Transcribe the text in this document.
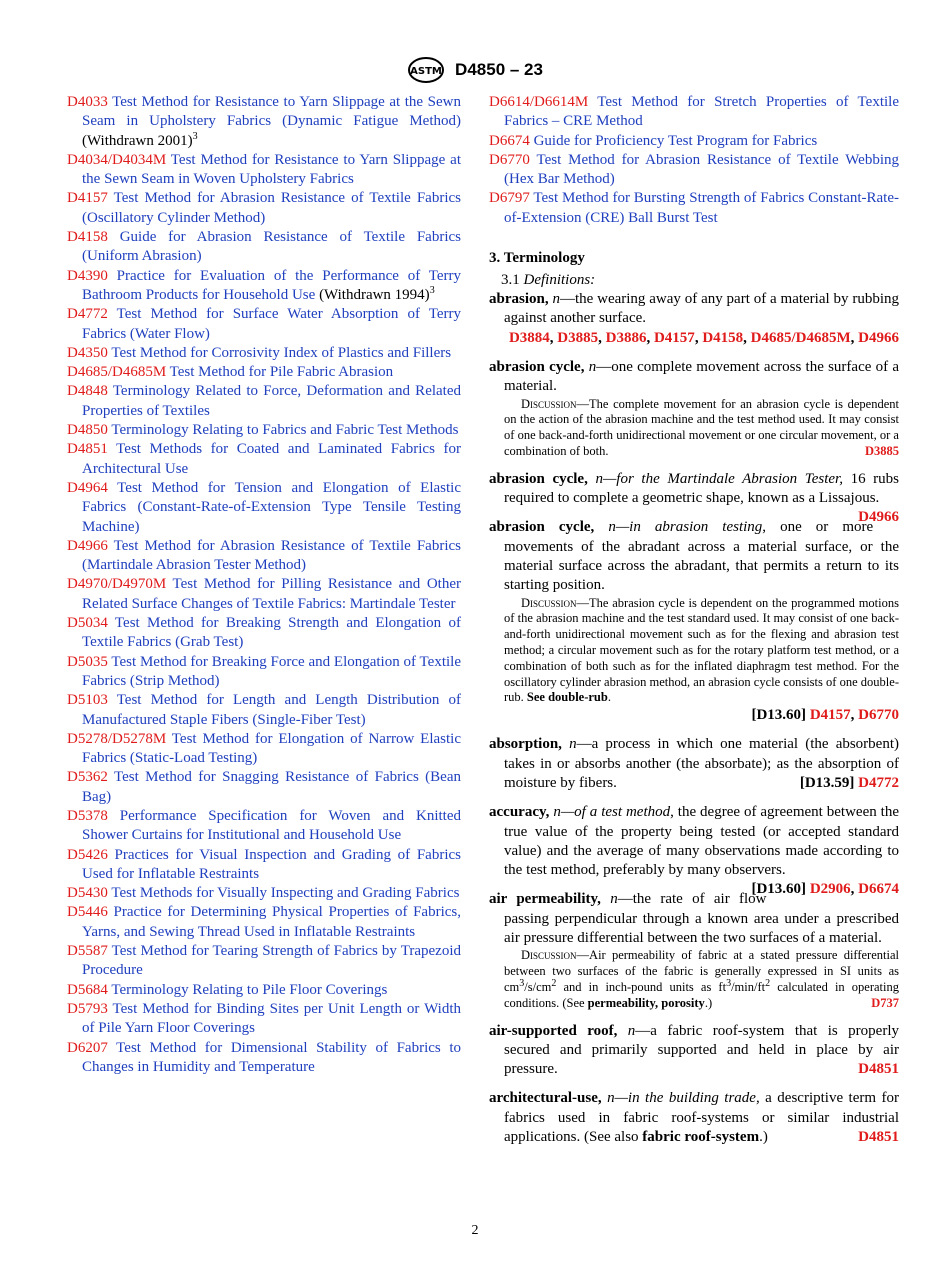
ASTM D4850 – 23

D4033 Test Method for Resistance to Yarn Slippage at the Sewn Seam in Upholstery Fabrics (Dynamic Fatigue Method) (Withdrawn 2001)$^3$

D4034/D4034M Test Method for Resistance to Yarn Slippage at the Sewn Seam in Woven Upholstery Fabrics

D4157 Test Method for Abrasion Resistance of Textile Fabrics (Oscillatory Cylinder Method)

D4158 Guide for Abrasion Resistance of Textile Fabrics (Uniform Abrasion)

D4390 Practice for Evaluation of the Performance of Terry Bathroom Products for Household Use (Withdrawn 1994)$^3$

D4772 Test Method for Surface Water Absorption of Terry Fabrics (Water Flow)

D4350 Test Method for Corrosivity Index of Plastics and Fillers

D4685/D4685M Test Method for Pile Fabric Abrasion

D4848 Terminology Related to Force, Deformation and Related Properties of Textiles

D4850 Terminology Relating to Fabrics and Fabric Test Methods

D4851 Test Methods for Coated and Laminated Fabrics for Architectural Use

D4964 Test Method for Tension and Elongation of Elastic Fabrics (Constant-Rate-of-Extension Type Tensile Testing Machine)

D4966 Test Method for Abrasion Resistance of Textile Fabrics (Martindale Abrasion Tester Method)

D4970/D4970M Test Method for Pilling Resistance and Other Related Surface Changes of Textile Fabrics: Martindale Tester

D5034 Test Method for Breaking Strength and Elongation of Textile Fabrics (Grab Test)

D5035 Test Method for Breaking Force and Elongation of Textile Fabrics (Strip Method)

D5103 Test Method for Length and Length Distribution of Manufactured Staple Fibers (Single-Fiber Test)

D5278/D5278M Test Method for Elongation of Narrow Elastic Fabrics (Static-Load Testing)

D5362 Test Method for Snagging Resistance of Fabrics (Bean Bag)

D5378 Performance Specification for Woven and Knitted Shower Curtains for Institutional and Household Use

D5426 Practices for Visual Inspection and Grading of Fabrics Used for Inflatable Restraints

D5430 Test Methods for Visually Inspecting and Grading Fabrics

D5446 Practice for Determining Physical Properties of Fabrics, Yarns, and Sewing Thread Used in Inflatable Restraints

D5587 Test Method for Tearing Strength of Fabrics by Trapezoid Procedure

D5684 Terminology Relating to Pile Floor Coverings

D5793 Test Method for Binding Sites per Unit Length or Width of Pile Yarn Floor Coverings

D6207 Test Method for Dimensional Stability of Fabrics to Changes in Humidity and Temperature

D6614/D6614M Test Method for Stretch Properties of Textile Fabrics – CRE Method

D6674 Guide for Proficiency Test Program for Fabrics

D6770 Test Method for Abrasion Resistance of Textile Webbing (Hex Bar Method)

D6797 Test Method for Bursting Strength of Fabrics Constant-Rate-of-Extension (CRE) Ball Burst Test

3. Terminology

3.1 Definitions:

abrasion, n—the wearing away of any part of a material by rubbing against another surface.

D3884, D3885, D3886, D4157, D4158, D4685/D4685M, D4966

abrasion cycle, n—one complete movement across the surface of a material.

Discussion—The complete movement for an abrasion cycle is dependent on the action of the abrasion machine and the test method used. It may consist of one back-and-forth unidirectional movement or one circular movement, or a combination of both.	D3885

abrasion cycle, n—for the Martindale Abrasion Tester, 16 rubs required to complete a geometric shape, known as a Lissajous.
D4966

abrasion cycle, n—in abrasion testing, one or more movements of the abradant across a material surface, or the material surface across the abradant, that permits a return to its starting position.

Discussion—The abrasion cycle is dependent on the programmed motions of the abrasion machine and the test standard used. It may consist of one back-and-forth unidirectional movement such as for the flexing and abrasion test method; a circular movement such as for the rotary platform test method, or a combination of both such as for the inflated diaphragm test method. For the oscillatory cylinder abrasion method, an abrasion cycle consists of one double-rub. See double-rub.

[D13.60] D4157, D6770

absorption, n—a process in which one material (the absorbent) takes in or absorbs another (the absorbate); as the absorption of moisture by fibers.	[D13.59] D4772

accuracy, n—of a test method, the degree of agreement between the true value of the property being tested (or accepted standard value) and the average of many observations made according to the test method, preferably by many observers.
[D13.60] D2906, D6674

air permeability, n—the rate of air flow passing perpendicular through a known area under a prescribed air pressure differential between the two surfaces of a material.

Discussion—Air permeability of fabric at a stated pressure differential between two surfaces of the fabric is generally expressed in SI units as $cm^3/s/cm^2$ and in inch-pound units as $ft^3/\min/ft^2$ calculated in operating conditions. (See permeability, porosity.)	D737

air-supported roof, n—a fabric roof-system that is properly secured and primarily supported and held in place by air pressure.	D4851

architectural-use, n—in the building trade, a descriptive term for fabrics used in fabric roof-systems or similar industrial applications. (See also fabric roof-system.)	D4851

2
